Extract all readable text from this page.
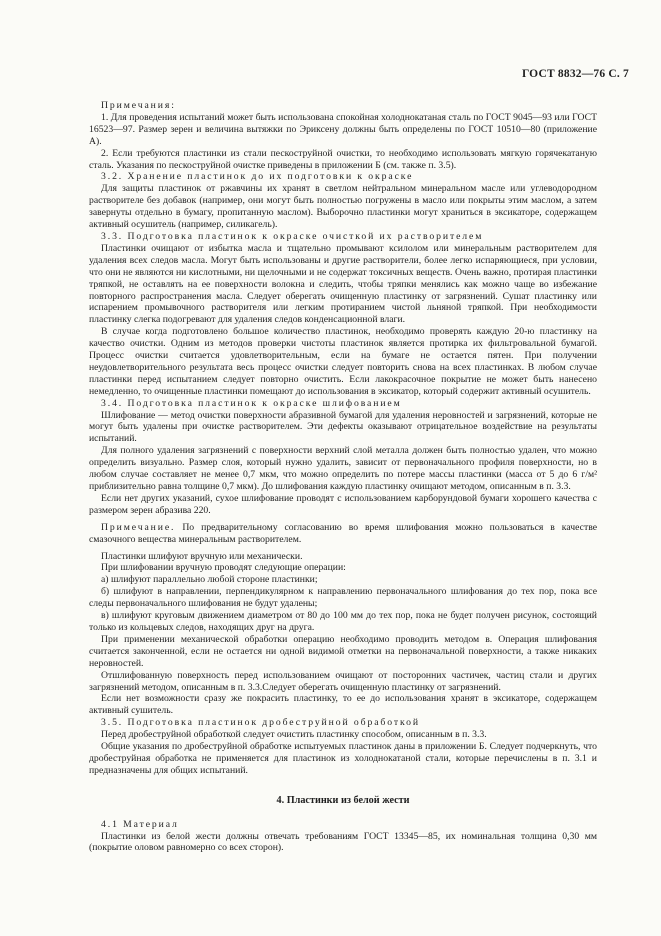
ГОСТ 8832—76 С. 7

Примечания:

1. Для проведения испытаний может быть использована спокойная холоднокатаная сталь по ГОСТ 9045—93 или ГОСТ 16523—97. Размер зерен и величина вытяжки по Эриксену должны быть определены по ГОСТ 10510—80 (приложение А).

2. Если требуются пластинки из стали пескоструйной очистки, то необходимо использовать мягкую горячекатаную сталь. Указания по пескоструйной очистке приведены в приложении Б (см. также п. 3.5).

3.2. Хранение пластинок до их подготовки к окраске

Для защиты пластинок от ржавчины их хранят в светлом нейтральном минеральном масле или углеводородном растворителе без добавок (например, они могут быть полностью погружены в масло или покрыты этим маслом, а затем завернуты отдельно в бумагу, пропитанную маслом). Выборочно пластинки могут храниться в эксикаторе, содержащем активный осушитель (например, силикагель).

3.3. Подготовка пластинок к окраске очисткой их растворителем

Пластинки очищают от избытка масла и тщательно промывают ксилолом или минеральным растворителем для удаления всех следов масла. Могут быть использованы и другие растворители, более легко испаряющиеся, при условии, что они не являются ни кислотными, ни щелочными и не содержат токсичных веществ. Очень важно, протирая пластинки тряпкой, не оставлять на ее поверхности волокна и следить, чтобы тряпки менялись как можно чаще во избежание повторного распространения масла. Следует оберегать очищенную пластинку от загрязнений. Сушат пластинку или испарением промывочного растворителя или легким протиранием чистой льняной тряпкой. При необходимости пластинку слегка подогревают для удаления следов конденсационной влаги.

В случае когда подготовлено большое количество пластинок, необходимо проверять каждую 20-ю пластинку на качество очистки. Одним из методов проверки чистоты пластинок является протирка их фильтровальной бумагой. Процесс очистки считается удовлетворительным, если на бумаге не остается пятен. При получении неудовлетворительного результата весь процесс очистки следует повторить снова на всех пластинках. В любом случае пластинки перед испытанием следует повторно очистить. Если лакокрасочное покрытие не может быть нанесено немедленно, то очищенные пластинки помещают до использования в эксикатор, который содержит активный осушитель.

3.4. Подготовка пластинок к окраске шлифованием

Шлифование — метод очистки поверхности абразивной бумагой для удаления неровностей и загрязнений, которые не могут быть удалены при очистке растворителем. Эти дефекты оказывают отрицательное воздействие на результаты испытаний.

Для полного удаления загрязнений с поверхности верхний слой металла должен быть полностью удален, что можно определить визуально. Размер слоя, который нужно удалить, зависит от первоначального профиля поверхности, но в любом случае составляет не менее 0,7 мкм, что можно определить по потере массы пластинки (масса от 5 до 6 г/м² приблизительно равна толщине 0,7 мкм). До шлифования каждую пластинку очищают методом, описанным в п. 3.3.

Если нет других указаний, сухое шлифование проводят с использованием карборундовой бумаги хорошего качества с размером зерен абразива 220.

Примечание. По предварительному согласованию во время шлифования можно пользоваться в качестве смазочного вещества минеральным растворителем.

Пластинки шлифуют вручную или механически.

При шлифовании вручную проводят следующие операции:

а) шлифуют параллельно любой стороне пластинки;

б) шлифуют в направлении, перпендикулярном к направлению первоначального шлифования до тех пор, пока все следы первоначального шлифования не будут удалены;

в) шлифуют круговым движением диаметром от 80 до 100 мм до тех пор, пока не будет получен рисунок, состоящий только из кольцевых следов, находящих друг на друга.

При применении механической обработки операцию необходимо проводить методом в. Операция шлифования считается законченной, если не остается ни одной видимой отметки на первоначальной поверхности, а также никаких неровностей.

Отшлифованную поверхность перед использованием очищают от посторонних частичек, частиц стали и других загрязнений методом, описанным в п. 3.3.Следует оберегать очищенную пластинку от загрязнений.

Если нет возможности сразу же покрасить пластинку, то ее до использования хранят в эксикаторе, содержащем активный сушитель.

3.5. Подготовка пластинок дробеструйной обработкой

Перед дробеструйной обработкой следует очистить пластинку способом, описанным в п. 3.3.

Общие указания по дробеструйной обработке испытуемых пластинок даны в приложении Б. Следует подчеркнуть, что дробеструйная обработка не применяется для пластинок из холоднокатаной стали, которые перечислены в п. 3.1 и предназначены для общих испытаний.

4. Пластинки из белой жести

4.1 Материал

Пластинки из белой жести должны отвечать требованиям ГОСТ 13345—85, их номинальная толщина 0,30 мм (покрытие оловом равномерно со всех сторон).
